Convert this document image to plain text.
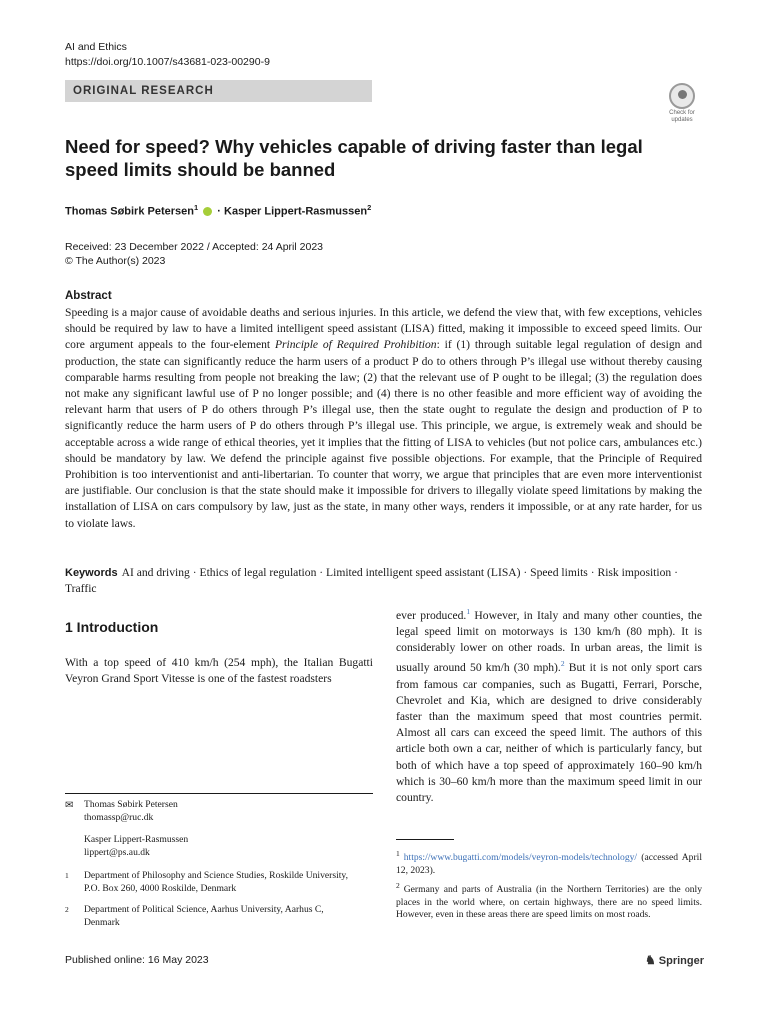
AI and Ethics
https://doi.org/10.1007/s43681-023-00290-9
ORIGINAL RESEARCH
Check for updates
Need for speed? Why vehicles capable of driving faster than legal speed limits should be banned
Thomas Søbirk Petersen$^1$ · Kasper Lippert-Rasmussen$^2$
Received: 23 December 2022 / Accepted: 24 April 2023
© The Author(s) 2023
Abstract
Speeding is a major cause of avoidable deaths and serious injuries. In this article, we defend the view that, with few exceptions, vehicles should be required by law to have a limited intelligent speed assistant (LISA) fitted, making it impossible to exceed speed limits. Our core argument appeals to the four-element Principle of Required Prohibition: if (1) through suitable legal regulation of design and production, the state can significantly reduce the harm users of a product P do to others through P’s illegal use without thereby causing comparable harms resulting from people not breaking the law; (2) that the relevant use of P ought to be illegal; (3) the regulation does not make any significant lawful use of P no longer possible; and (4) there is no other feasible and more efficient way of avoiding the relevant harm that users of P do others through P’s illegal use, then the state ought to regulate the design and production of P to significantly reduce the harm users of P do others through P’s illegal use. This principle, we argue, is extremely weak and should be acceptable across a wide range of ethical theories, yet it implies that the fitting of LISA to vehicles (but not police cars, ambulances etc.) should be mandatory by law. We defend the principle against five possible objections. For example, that the Principle of Required Prohibition is too interventionist and anti-libertarian. To counter that worry, we argue that principles that are even more interventionist are justifiable. Our conclusion is that the state should make it impossible for drivers to illegally violate speed limitations by making the installation of LISA on cars compulsory by law, just as the state, in many other ways, renders it impossible, or at any rate harder, for us to violate laws.
Keywords AI and driving · Ethics of legal regulation · Limited intelligent speed assistant (LISA) · Speed limits · Risk imposition · Traffic
1 Introduction
With a top speed of 410 km/h (254 mph), the Italian Bugatti Veyron Grand Sport Vitesse is one of the fastest roadsters
ever produced.$^1$ However, in Italy and many other counties, the legal speed limit on motorways is 130 km/h (80 mph). It is considerably lower on other roads. In urban areas, the limit is usually around 50 km/h (30 mph).$^2$ But it is not only sport cars from famous car companies, such as Bugatti, Ferrari, Porsche, Chevrolet and Kia, which are designed to drive considerably faster than the maximum speed that most countries permit. Almost all cars can exceed the speed limit. The authors of this article both own a car, neither of which is particularly fancy, but both of which have a top speed of approximately 160–90 km/h which is 30–60 km/h more than the maximum speed limit in our country.
✉ Thomas Søbirk Petersen
thomassp@ruc.dk
Kasper Lippert-Rasmussen
lippert@ps.au.dk
1 Department of Philosophy and Science Studies, Roskilde University, P.O. Box 260, 4000 Roskilde, Denmark
2 Department of Political Science, Aarhus University, Aarhus C, Denmark
$^1$ https://www.bugatti.com/models/veyron-models/technology/ (accessed April 12, 2023).
$^2$ Germany and parts of Australia (in the Northern Territories) are the only places in the world where, on certain highways, there are no speed limits. However, even in these areas there are speed limits on most roads.
Published online: 16 May 2023	♞ Springer
